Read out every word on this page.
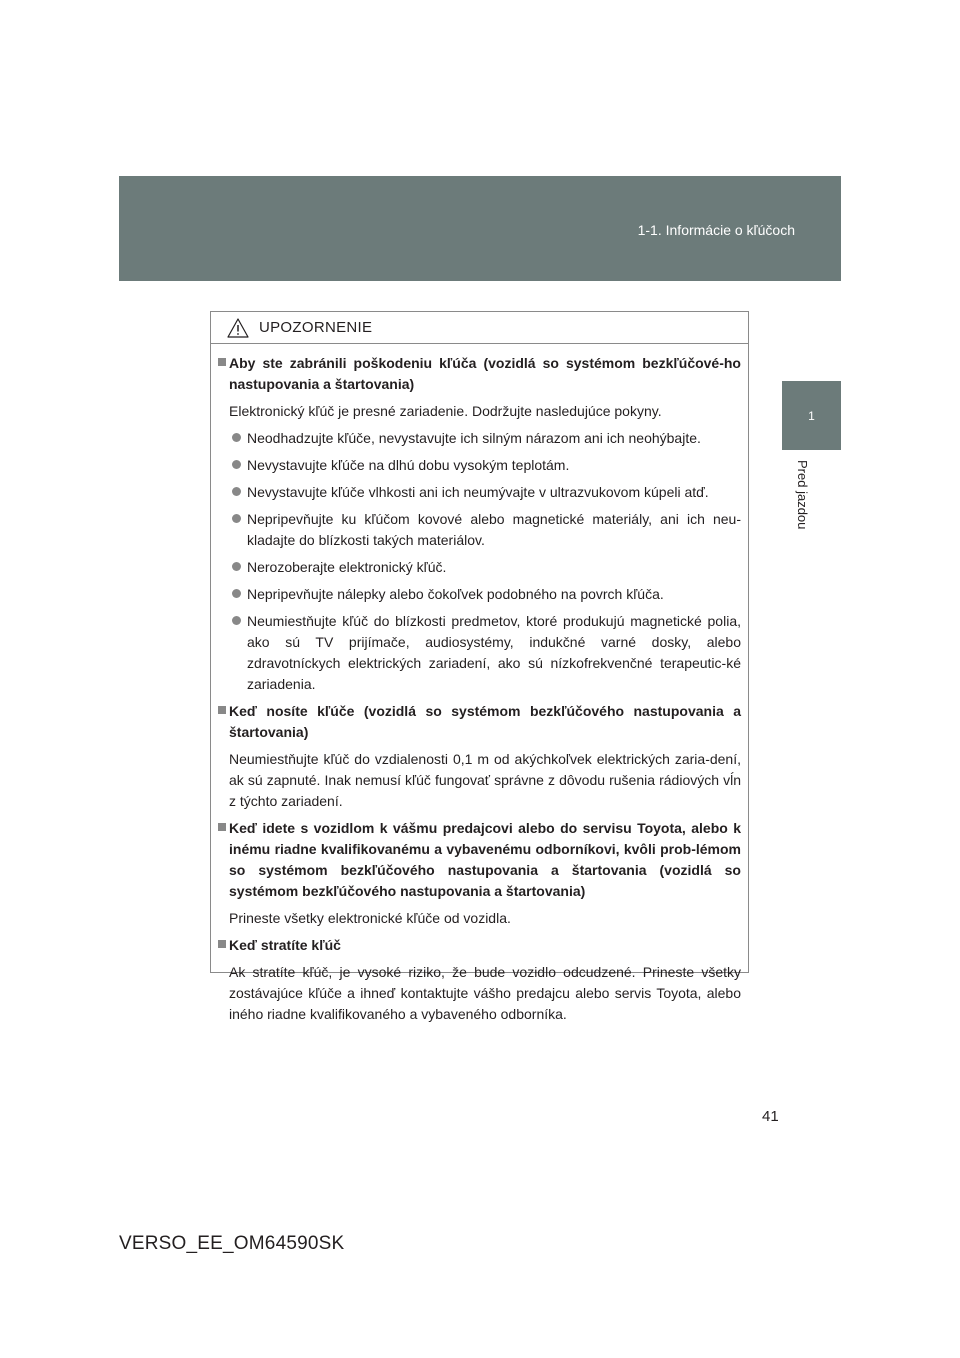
1-1. Informácie o kľúčoch
1
Pred jazdou
UPOZORNENIE
Aby ste zabránili poškodeniu kľúča (vozidlá so systémom bezkľúčové-ho nastupovania a štartovania)
Elektronický kľúč je presné zariadenie. Dodržujte nasledujúce pokyny.
Neodhadzujte kľúče, nevystavujte ich silným nárazom ani ich neohýbajte.
Nevystavujte kľúče na dlhú dobu vysokým teplotám.
Nevystavujte kľúče vlhkosti ani ich neumývajte v ultrazvukovom kúpeli atď.
Nepripevňujte ku kľúčom kovové alebo magnetické materiály, ani ich neu-kladajte do blízkosti takých materiálov.
Nerozoberajte elektronický kľúč.
Nepripevňujte nálepky alebo čokoľvek podobného na povrch kľúča.
Neumiestňujte kľúč do blízkosti predmetov, ktoré produkujú magnetické polia, ako sú TV prijímače, audiosystémy, indukčné varné dosky, alebo zdravotníckych elektrických zariadení, ako sú nízkofrekvenčné terapeutic-ké zariadenia.
Keď nosíte kľúče (vozidlá so systémom bezkľúčového nastupovania a štartovania)
Neumiestňujte kľúč do vzdialenosti 0,1 m od akýchkoľvek elektrických zaria-dení, ak sú zapnuté. Inak nemusí kľúč fungovať správne z dôvodu rušenia rádiových vĺn z týchto zariadení.
Keď idete s vozidlom k vášmu predajcovi alebo do servisu Toyota, alebo k inému riadne kvalifikovanému a vybavenému odborníkovi, kvôli prob-lémom so systémom bezkľúčového nastupovania a štartovania (vozidlá so systémom bezkľúčového nastupovania a štartovania)
Prineste všetky elektronické kľúče od vozidla.
Keď stratíte kľúč
Ak stratíte kľúč, je vysoké riziko, že bude vozidlo odcudzené. Prineste všetky zostávajúce kľúče a ihneď kontaktujte vášho predajcu alebo servis Toyota, alebo iného riadne kvalifikovaného a vybaveného odborníka.
41
VERSO_EE_OM64590SK
